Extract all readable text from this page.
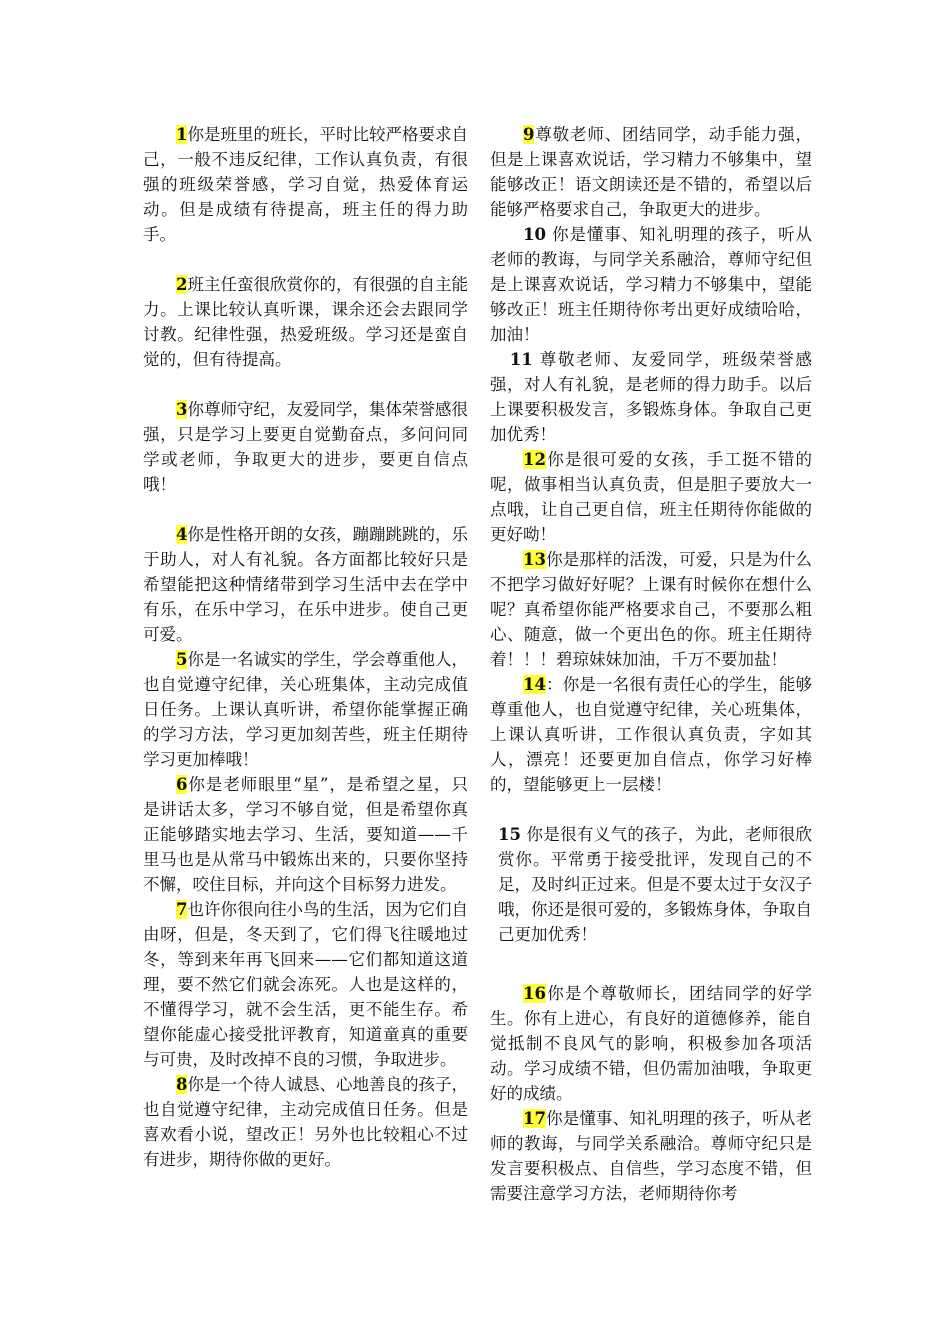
1你是班里的班长，平时比较严格要求自己，一般不违反纪律，工作认真负责，有很强的班级荣誉感，学习自觉，热爱体育运动。但是成绩有待提高，班主任的得力助手。

2班主任蛮很欣赏你的，有很强的自主能力。上课比较认真听课，课余还会去跟同学讨教。纪律性强，热爱班级。学习还是蛮自觉的，但有待提高。

3你尊师守纪，友爱同学，集体荣誉感很强，只是学习上要更自觉勤奋点，多问问同学或老师，争取更大的进步，要更自信点哦！

4你是性格开朗的女孩，蹦蹦跳跳的，乐于助人，对人有礼貌。各方面都比较好只是希望能把这种情绪带到学习生活中去在学中有乐，在乐中学习，在乐中进步。使自己更可爱。

5你是一名诚实的学生，学会尊重他人，也自觉遵守纪律，关心班集体，主动完成值日任务。上课认真听讲，希望你能掌握正确的学习方法，学习更加刻苦些，班主任期待学习更加棒哦！

6你是老师眼里“星”，是希望之星，只是讲话太多，学习不够自觉，但是希望你真正能够踏实地去学习、生活，要知道——千里马也是从常马中锻炼出来的，只要你坚持不懈，咬住目标，并向这个目标努力进发。

7也许你很向往小鸟的生活，因为它们自由呀，但是，冬天到了，它们得飞往暖地过冬，等到来年再飞回来——它们都知道这道理，要不然它们就会冻死。人也是这样的，不懂得学习，就不会生活，更不能生存。希望你能虚心接受批评教育，知道童真的重要与可贵，及时改掉不良的习惯，争取进步。

8你是一个待人诚恳、心地善良的孩子，也自觉遵守纪律，主动完成值日任务。但是喜欢看小说，望改正！另外也比较粗心不过有进步，期待你做的更好。

9尊敬老师、团结同学，动手能力强，但是上课喜欢说话，学习精力不够集中，望能够改正！语文朗读还是不错的，希望以后能够严格要求自己，争取更大的进步。

10 你是懂事、知礼明理的孩子，听从老师的教诲，与同学关系融洽，尊师守纪但是上课喜欢说话，学习精力不够集中，望能够改正！班主任期待你考出更好成绩哈哈，加油！

11 尊敬老师、友爱同学，班级荣誉感强，对人有礼貌，是老师的得力助手。以后上课要积极发言，多锻炼身体。争取自己更加优秀！

12你是很可爱的女孩，手工挺不错的呢，做事相当认真负责，但是胆子要放大一点哦，让自己更自信，班主任期待你能做的更好呦！

13你是那样的活泼，可爱，只是为什么不把学习做好好呢？上课有时候你在想什么呢？真希望你能严格要求自己，不要那么粗心、随意，做一个更出色的你。班主任期待着！！！碧琼妹妹加油，千万不要加盐！

14：你是一名很有责任心的学生，能够尊重他人，也自觉遵守纪律，关心班集体，上课认真听讲，工作很认真负责，字如其人，漂亮！还要更加自信点，你学习好棒的，望能够更上一层楼！

15 你是很有义气的孩子，为此，老师很欣赏你。平常勇于接受批评，发现自己的不足，及时纠正过来。但是不要太过于女汉子哦，你还是很可爱的，多锻炼身体，争取自己更加优秀！

16你是个尊敬师长，团结同学的好学生。你有上进心，有良好的道德修养，能自觉抵制不良风气的影响，积极参加各项活动。学习成绩不错，但仍需加油哦，争取更好的成绩。

17你是懂事、知礼明理的孩子，听从老师的教诲，与同学关系融洽。尊师守纪只是发言要积极点、自信些，学习态度不错，但需要注意学习方法，老师期待你考
